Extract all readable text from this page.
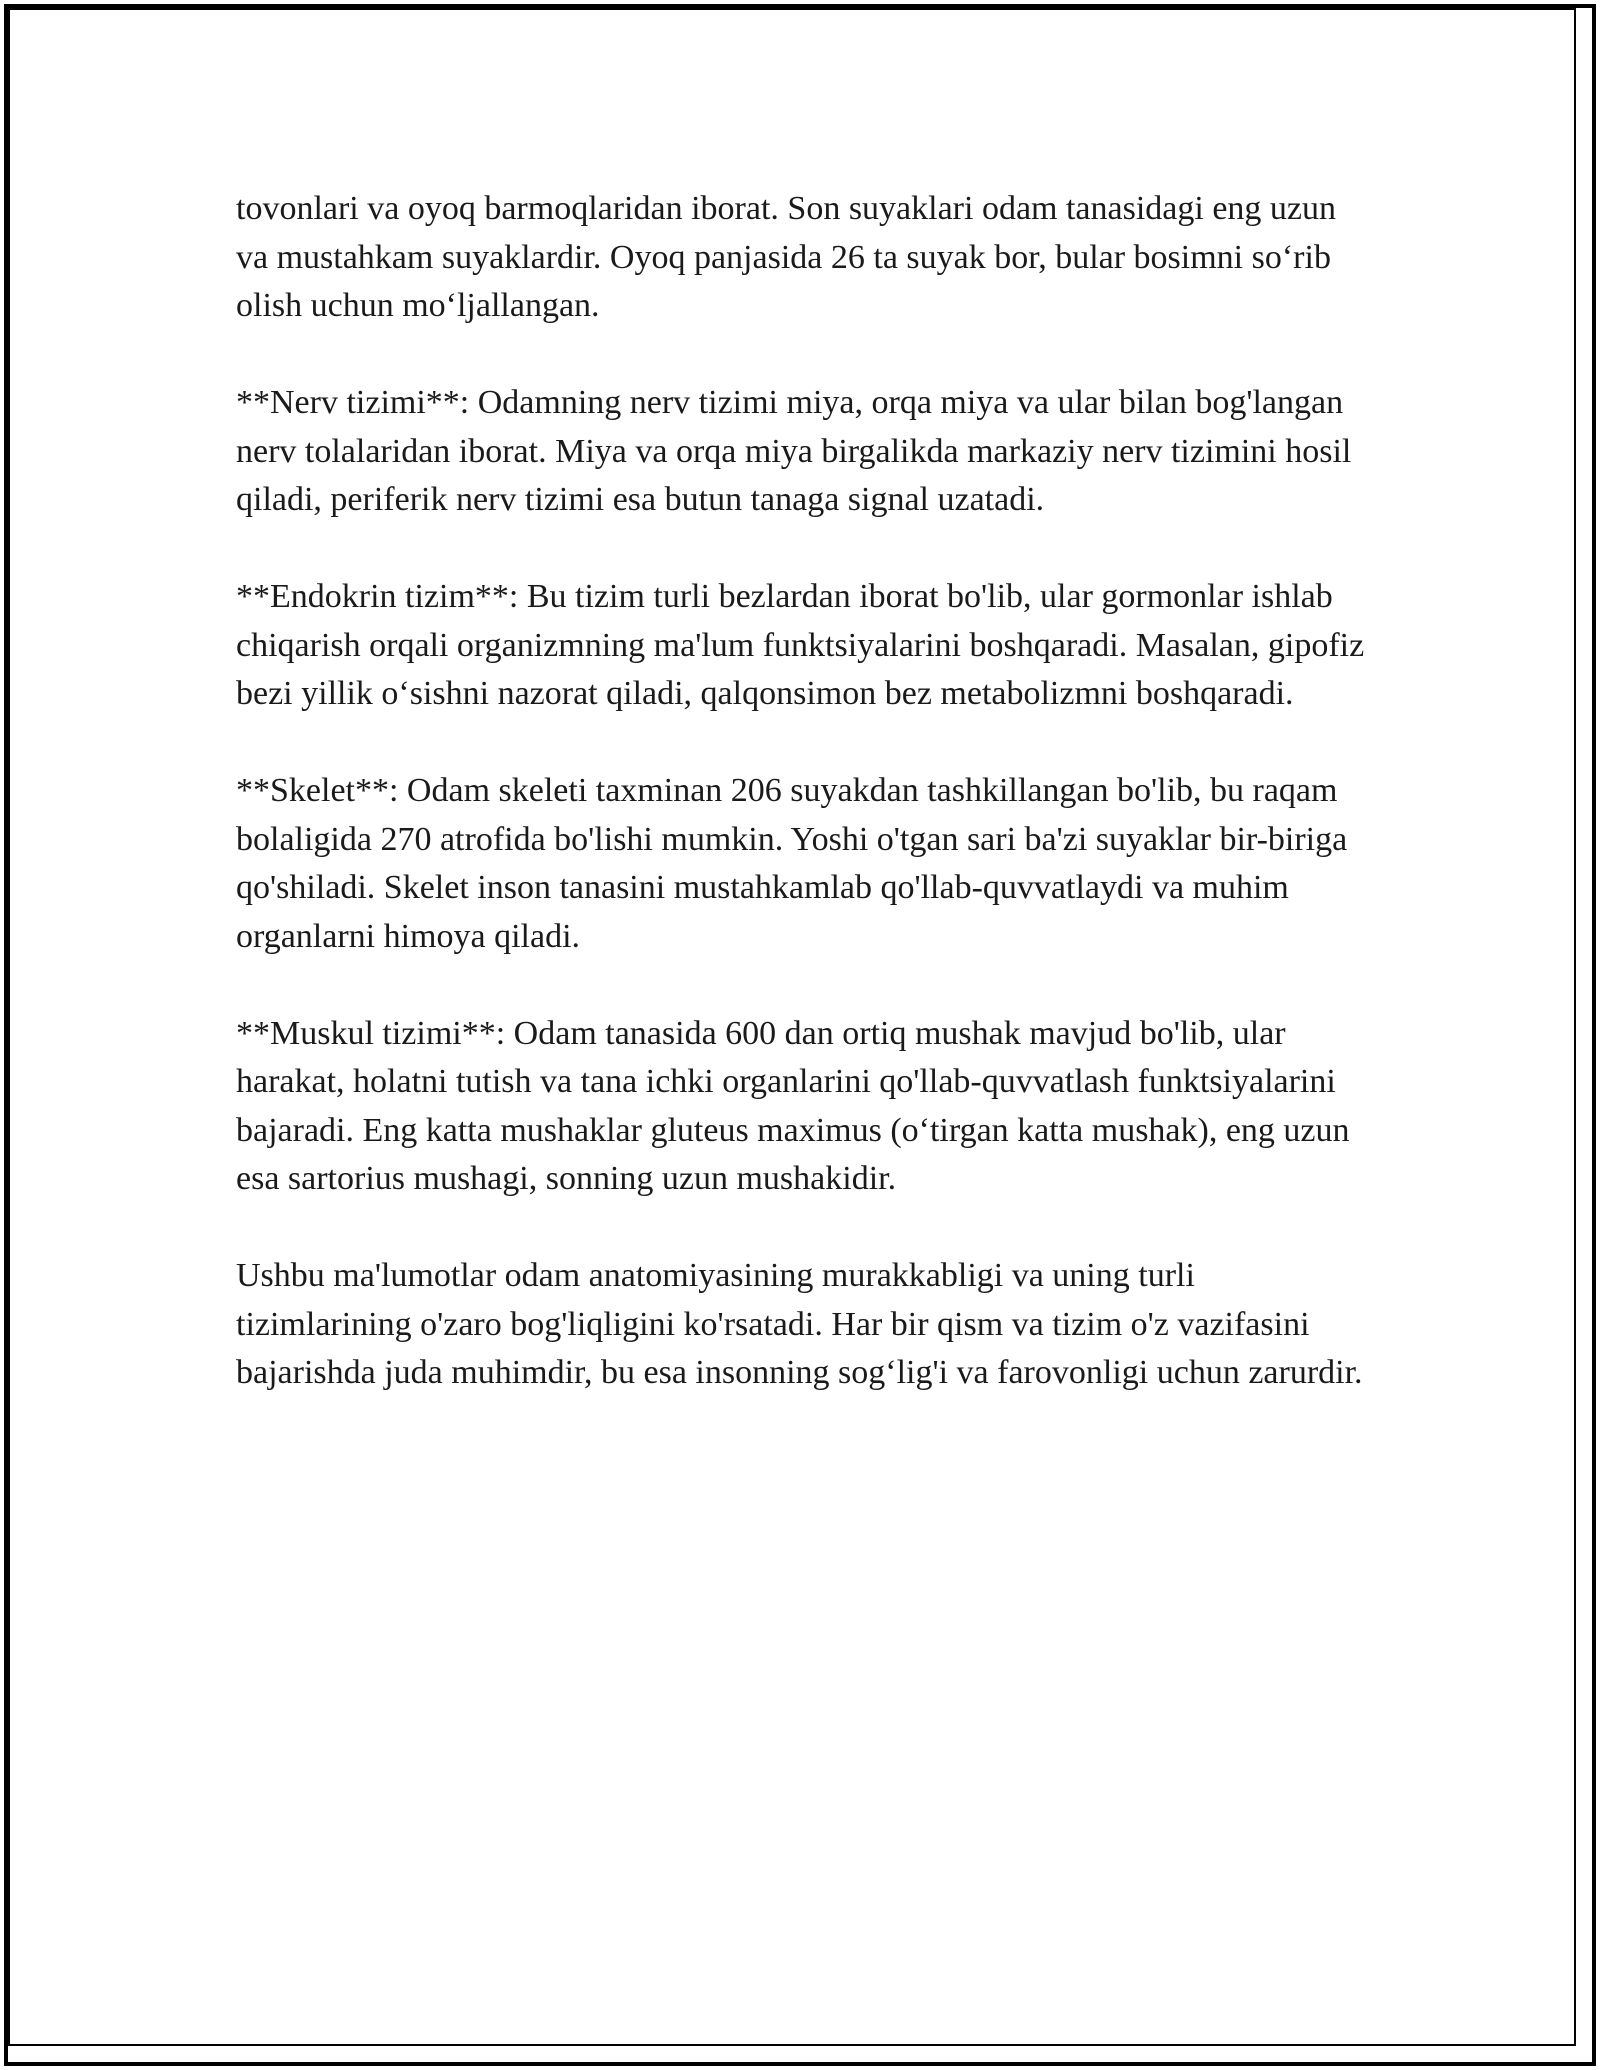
tovonlari va oyoq barmoqlaridan iborat. Son suyaklari odam tanasidagi eng uzun va mustahkam suyaklardir. Oyoq panjasida 26 ta suyak bor, bular bosimni so‘rib olish uchun mo‘ljallangan.

**Nerv tizimi**: Odamning nerv tizimi miya, orqa miya va ular bilan bog'langan nerv tolalaridan iborat. Miya va orqa miya birgalikda markaziy nerv tizimini hosil qiladi, periferik nerv tizimi esa butun tanaga signal uzatadi.

**Endokrin tizim**: Bu tizim turli bezlardan iborat bo'lib, ular gormonlar ishlab chiqarish orqali organizmning ma'lum funktsiyalarini boshqaradi. Masalan, gipofiz bezi yillik o‘sishni nazorat qiladi, qalqonsimon bez metabolizmni boshqaradi.

**Skelet**: Odam skeleti taxminan 206 suyakdan tashkillangan bo'lib, bu raqam bolaligida 270 atrofida bo'lishi mumkin. Yoshi o'tgan sari ba'zi suyaklar bir-biriga qo'shiladi. Skelet inson tanasini mustahkamlab qo'llab-quvvatlaydi va muhim organlarni himoya qiladi.

**Muskul tizimi**: Odam tanasida 600 dan ortiq mushak mavjud bo'lib, ular harakat, holatni tutish va tana ichki organlarini qo'llab-quvvatlash funktsiyalarini bajaradi. Eng katta mushaklar gluteus maximus (o‘tirgan katta mushak), eng uzun esa sartorius mushagi, sonning uzun mushakidir.

Ushbu ma'lumotlar odam anatomiyasining murakkabligi va uning turli tizimlarining o'zaro bog'liqligini ko'rsatadi. Har bir qism va tizim o'z vazifasini bajarishda juda muhimdir, bu esa insonning sog‘lig'i va farovonligi uchun zarurdir.
